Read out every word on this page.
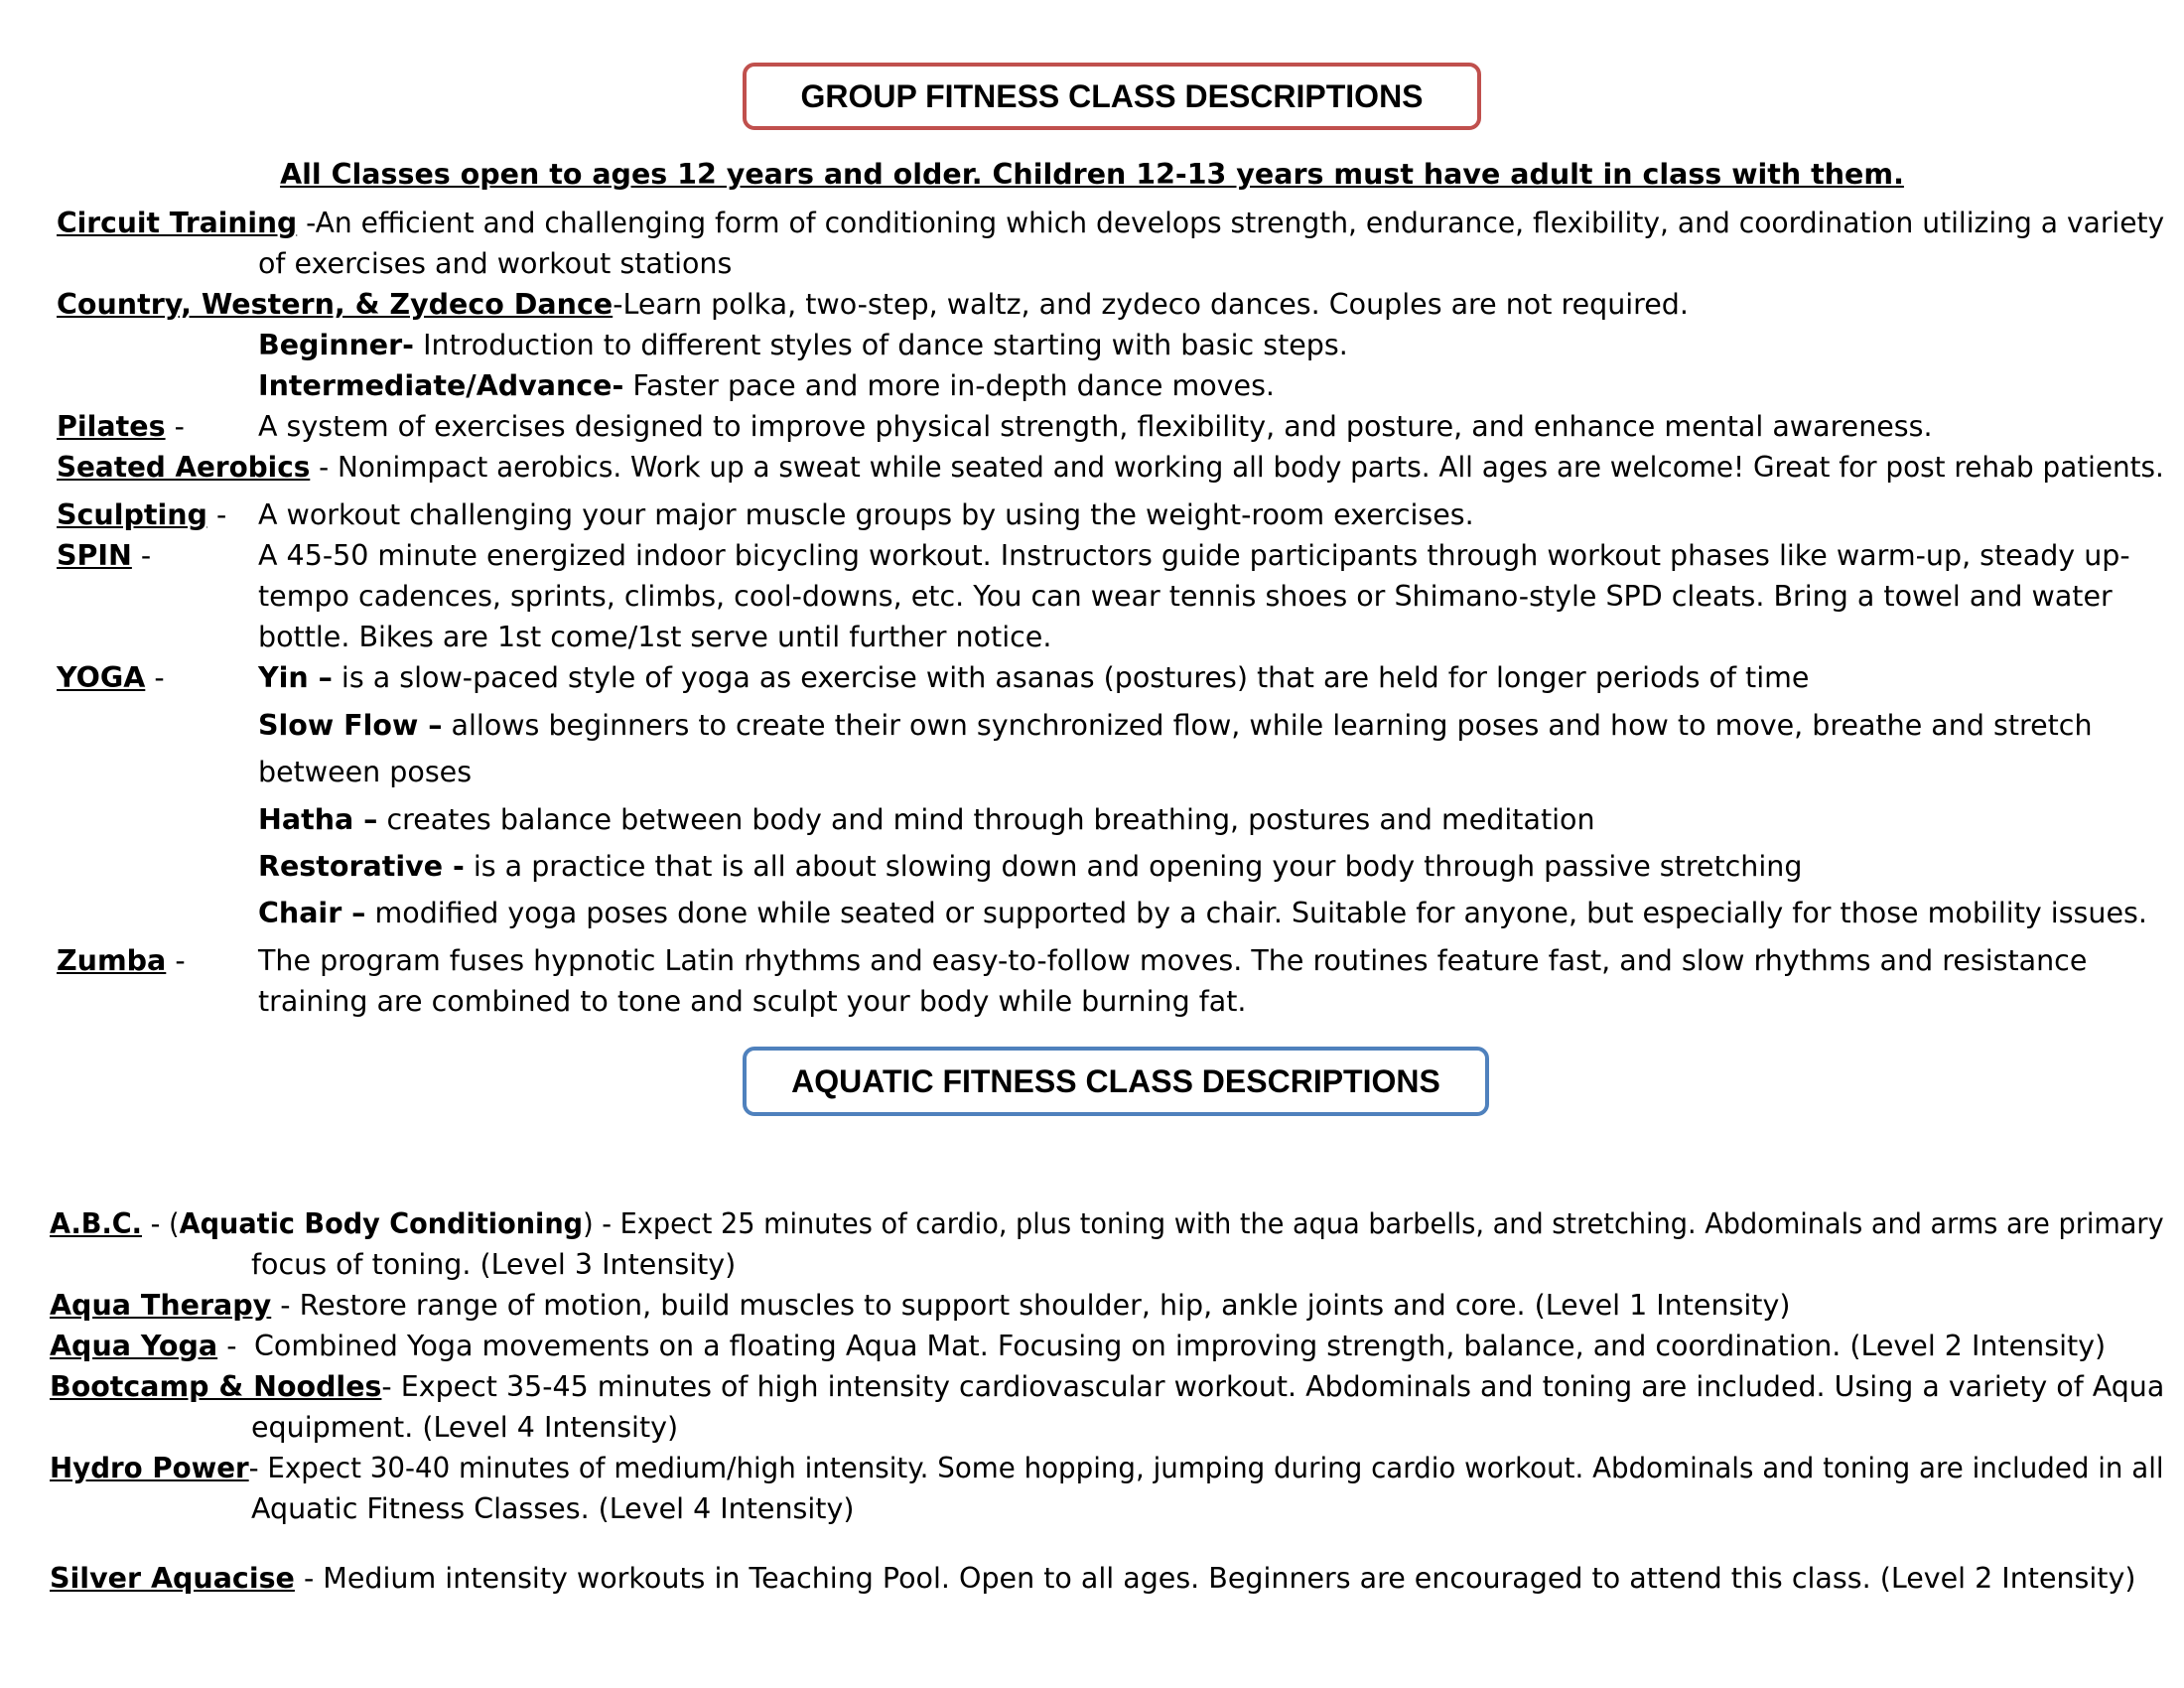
GROUP FITNESS CLASS DESCRIPTIONS
All Classes open to ages 12 years and older. Children 12-13 years must have adult in class with them.
Circuit Training -An efficient and challenging form of conditioning which develops strength, endurance, flexibility, and coordination utilizing a variety
of exercises and workout stations
Country, Western, & Zydeco Dance-Learn polka, two-step, waltz, and zydeco dances. Couples are not required.
Beginner- Introduction to different styles of dance starting with basic steps.
Intermediate/Advance- Faster pace and more in-depth dance moves.
Pilates -	A system of exercises designed to improve physical strength, flexibility, and posture, and enhance mental awareness.
Seated Aerobics - Nonimpact aerobics. Work up a sweat while seated and working all body parts. All ages are welcome! Great for post rehab patients.
Sculpting - A workout challenging your major muscle groups by using the weight-room exercises.
SPIN -	A 45-50 minute energized indoor bicycling workout. Instructors guide participants through workout phases like warm-up, steady up-
tempo cadences, sprints, climbs, cool-downs, etc. You can wear tennis shoes or Shimano-style SPD cleats. Bring a towel and water
bottle. Bikes are 1st come/1st serve until further notice.
YOGA -	Yin – is a slow-paced style of yoga as exercise with asanas (postures) that are held for longer periods of time
Slow Flow – allows beginners to create their own synchronized flow, while learning poses and how to move, breathe and stretch
between poses
Hatha – creates balance between body and mind through breathing, postures and meditation
Restorative - is a practice that is all about slowing down and opening your body through passive stretching
Chair – modified yoga poses done while seated or supported by a chair. Suitable for anyone, but especially for those mobility issues.
Zumba -	The program fuses hypnotic Latin rhythms and easy-to-follow moves. The routines feature fast, and slow rhythms and resistance
training are combined to tone and sculpt your body while burning fat.
AQUATIC FITNESS CLASS DESCRIPTIONS
A.B.C. - (Aquatic Body Conditioning) - Expect 25 minutes of cardio, plus toning with the aqua barbells, and stretching. Abdominals and arms are primary
focus of toning. (Level 3 Intensity)
Aqua Therapy - Restore range of motion, build muscles to support shoulder, hip, ankle joints and core. (Level 1 Intensity)
Aqua Yoga - Combined Yoga movements on a floating Aqua Mat. Focusing on improving strength, balance, and coordination. (Level 2 Intensity)
Bootcamp & Noodles- Expect 35-45 minutes of high intensity cardiovascular workout. Abdominals and toning are included. Using a variety of Aqua
equipment. (Level 4 Intensity)
Hydro Power- Expect 30-40 minutes of medium/high intensity. Some hopping, jumping during cardio workout. Abdominals and toning are included in all
Aquatic Fitness Classes. (Level 4 Intensity)
Silver Aquacise - Medium intensity workouts in Teaching Pool. Open to all ages. Beginners are encouraged to attend this class. (Level 2 Intensity)
